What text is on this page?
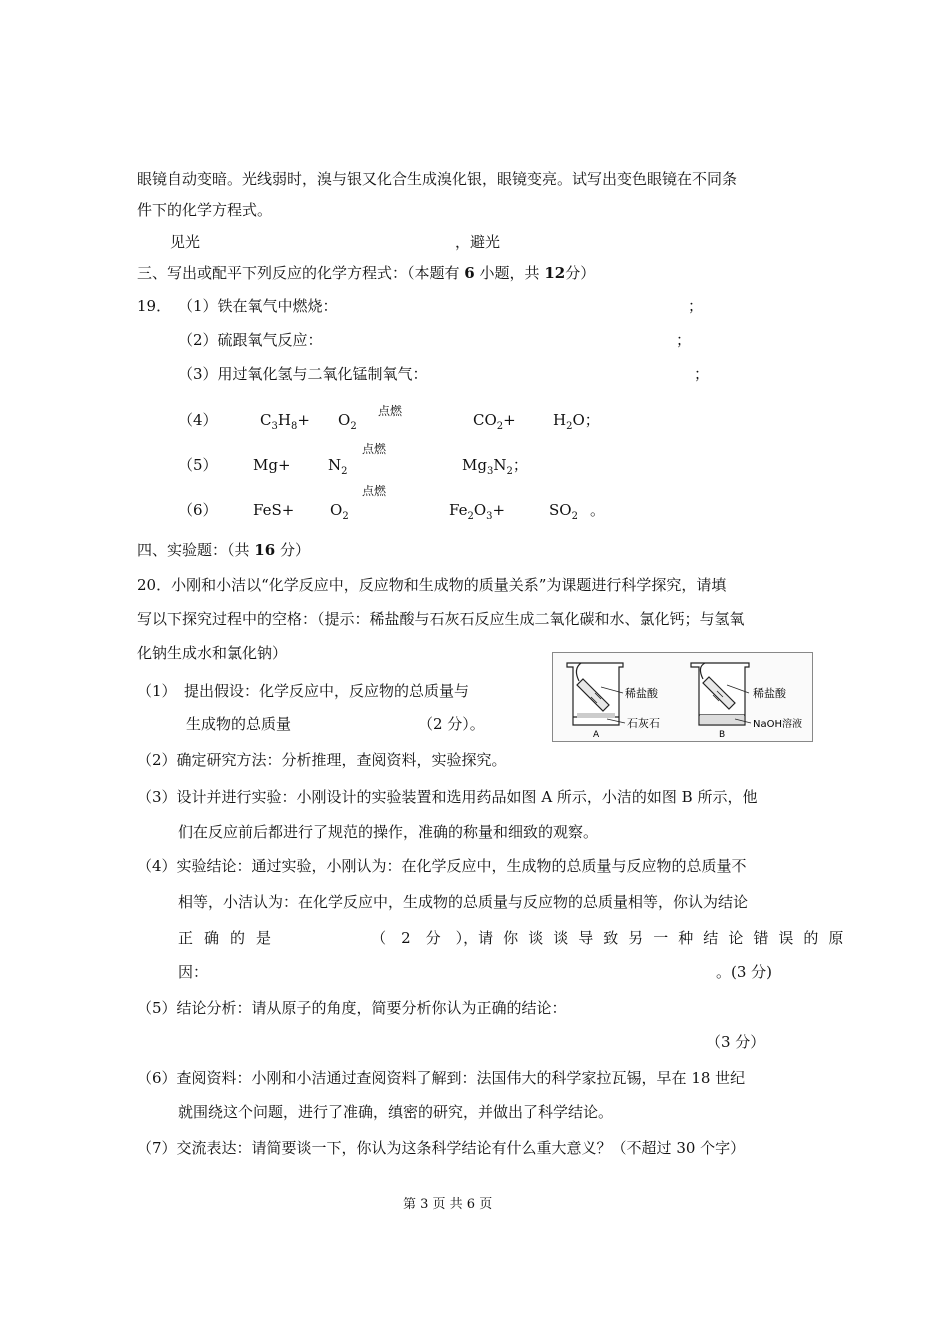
眼镜自动变暗。光线弱时，溴与银又化合生成溴化银，眼镜变亮。试写出变色眼镜在不同条
件下的化学方程式。
见光	，避光
三、写出或配平下列反应的化学方程式：（本题有 6 小题，共 12分）
19． （1）铁在氧气中燃烧：	；
（2）硫跟氧气反应：	；
（3）用过氧化氢与二氧化锰制氧气：	；
点燃
（4）	$C_3H_8+ O_2$	$CO_2+ H_2O$；
点燃
（5） $Mg+ N_2$	$Mg_3N_2$；
点燃
（6） $FeS+ O_2$	$Fe_2O_3+$	$SO_2$ 。
四、实验题：（共 16 分）
20．小刚和小洁以“化学反应中，反应物和生成物的质量关系”为课题进行科学探究，请填
写以下探究过程中的空格：（提示：稀盐酸与石灰石反应生成二氧化碳和水、氯化钙；与氢氧
化钠生成水和氯化钠）
（1）　提出假设：化学反应中，反应物的总质量与
生成物的总质量	（2 分）。
稀盐酸
石灰石
A
稀盐酸
NaOH溶液
B
（2）确定研究方法：分析推理，查阅资料，实验探究。
（3）设计并进行实验：小刚设计的实验装置和选用药品如图 A 所示，小洁的如图 B 所示，他
们在反应前后都进行了规范的操作，准确的称量和细致的观察。
（4）实验结论：通过实验，小刚认为：在化学反应中，生成物的总质量与反应物的总质量不
相等，小洁认为：在化学反应中，生成物的总质量与反应物的总质量相等，你认为结论
正 确 的 是	（ 2 分 ）， 请 你 谈 谈 导 致 另 一 种 结 论 错 误 的 原
因：	。(3 分)
（5）结论分析：请从原子的角度，简要分析你认为正确的结论：
（3 分）
（6）查阅资料：小刚和小洁通过查阅资料了解到：法国伟大的科学家拉瓦锡，早在 18 世纪
就围绕这个问题，进行了准确，缜密的研究，并做出了科学结论。
（7）交流表达：请简要谈一下，你认为这条科学结论有什么重大意义？（不超过 30 个字）
第 3 页 共 6 页
